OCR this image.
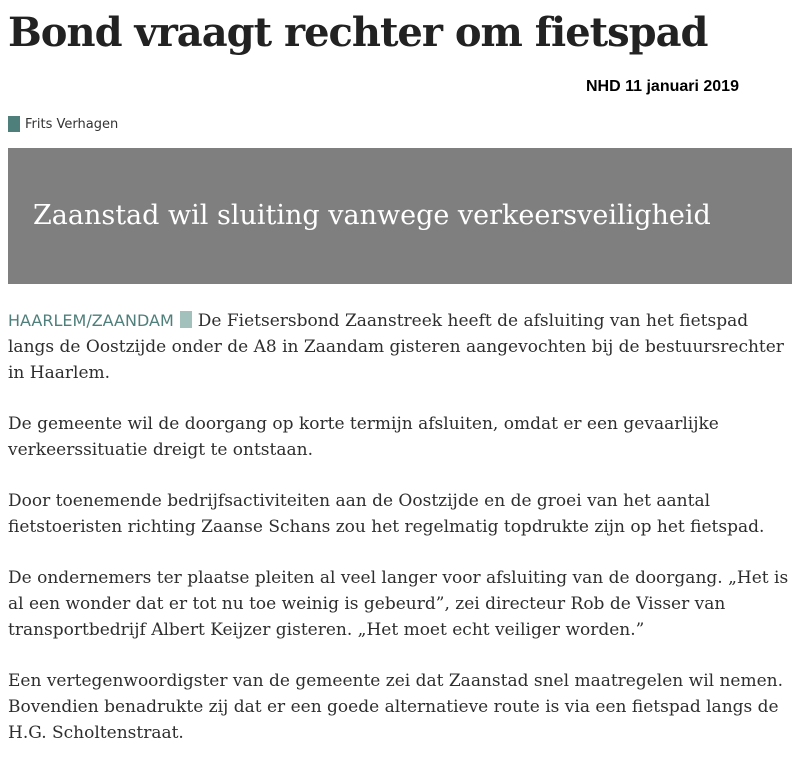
Bond vraagt rechter om fietspad
NHD 11 januari 2019
Frits Verhagen
Zaanstad wil sluiting vanwege verkeersveiligheid

HAARLEM/ZAANDAM De Fietsersbond Zaanstreek heeft de afsluiting van het fietspad langs de Oostzijde onder de A8 in Zaandam gisteren aangevochten bij de bestuursrechter in Haarlem.

De gemeente wil de doorgang op korte termijn afsluiten, omdat er een gevaarlijke verkeerssituatie dreigt te ontstaan.

Door toenemende bedrijfsactiviteiten aan de Oostzijde en de groei van het aantal fietstoeristen richting Zaanse Schans zou het regelmatig topdrukte zijn op het fietspad.

De ondernemers ter plaatse pleiten al veel langer voor afsluiting van de doorgang. „Het is al een wonder dat er tot nu toe weinig is gebeurd”, zei directeur Rob de Visser van transportbedrijf Albert Keijzer gisteren. „Het moet echt veiliger worden.”

Een vertegenwoordigster van de gemeente zei dat Zaanstad snel maatregelen wil nemen. Bovendien benadrukte zij dat er een goede alternatieve route is via een fietspad langs de H.G. Scholtenstraat.
